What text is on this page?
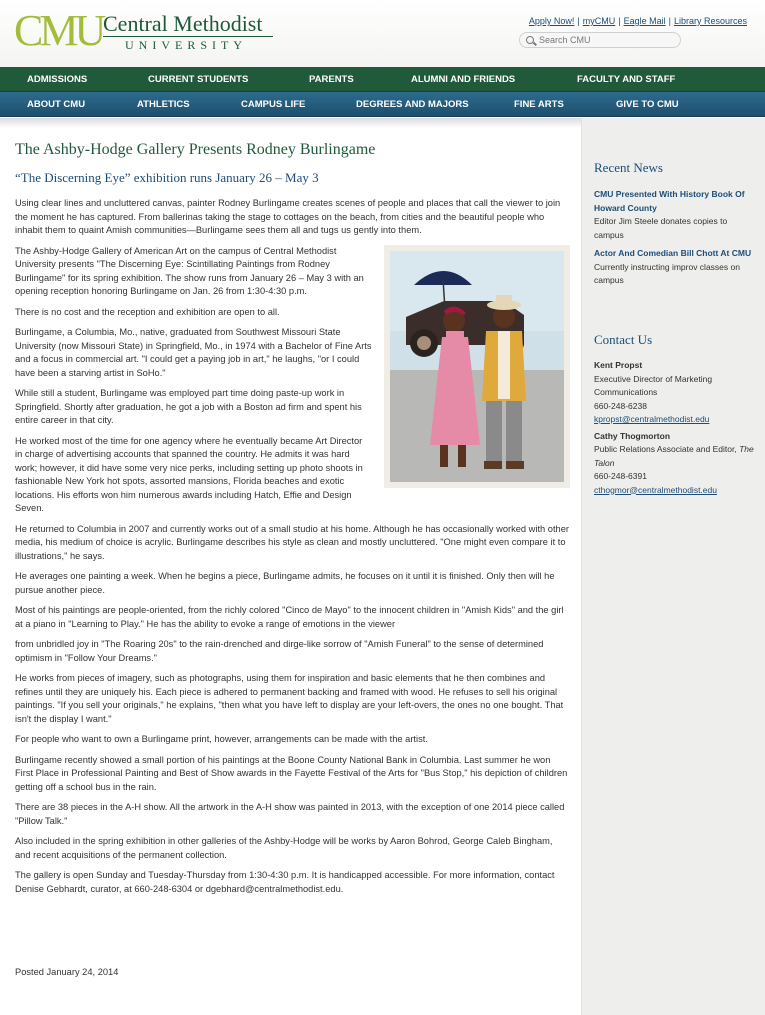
CMU Central Methodist
UNIVERSITY
Apply Now! | myCMU | Eagle Mail | Library Resources
Search CMU
ADMISSIONS	CURRENT STUDENTS	PARENTS	ALUMNI AND FRIENDS	FACULTY AND STAFF
ABOUT CMU	ATHLETICS	CAMPUS LIFE	DEGREES AND MAJORS	FINE ARTS	GIVE TO CMU
The Ashby-Hodge Gallery Presents Rodney Burlingame
“The Discerning Eye” exhibition runs January 26 – May 3

Using clear lines and uncluttered canvas, painter Rodney Burlingame creates scenes of people and places that call the viewer to join the moment he has captured. From ballerinas taking the stage to cottages on the beach, from cities and the beautiful people who inhabit them to quaint Amish communities—Burlingame sees them all and tugs us gently into them.

The Ashby-Hodge Gallery of American Art on the campus of Central Methodist University presents "The Discerning Eye: Scintillating Paintings from Rodney Burlingame" for its spring exhibition. The show runs from January 26 – May 3 with an opening reception honoring Burlingame on Jan. 26 from 1:30-4:30 p.m.

There is no cost and the reception and exhibition are open to all.

Burlingame, a Columbia, Mo., native, graduated from Southwest Missouri State University (now Missouri State) in Springfield, Mo., in 1974 with a Bachelor of Fine Arts and a focus in commercial art. "I could get a paying job in art," he laughs, "or I could have been a starving artist in SoHo."

While still a student, Burlingame was employed part time doing paste-up work in Springfield. Shortly after graduation, he got a job with a Boston ad firm and spent his entire career in that city.

He worked most of the time for one agency where he eventually became Art Director in charge of advertising accounts that spanned the country. He admits it was hard work; however, it did have some very nice perks, including setting up photo shoots in fashionable New York hot spots, assorted mansions, Florida beaches and exotic locations. His efforts won him numerous awards including Hatch, Effie and Design Seven.

He returned to Columbia in 2007 and currently works out of a small studio at his home. Although he has occasionally worked with other media, his medium of choice is acrylic. Burlingame describes his style as clean and mostly uncluttered. "One might even compare it to illustrations," he says.

He averages one painting a week. When he begins a piece, Burlingame admits, he focuses on it until it is finished. Only then will he pursue another piece.

Most of his paintings are people-oriented, from the richly colored "Cinco de Mayo" to the innocent children in "Amish Kids" and the girl at a piano in "Learning to Play." He has the ability to evoke a range of emotions in the viewer

from unbridled joy in "The Roaring 20s" to the rain-drenched and dirge-like sorrow of "Amish Funeral" to the sense of determined optimism in "Follow Your Dreams."

He works from pieces of imagery, such as photographs, using them for inspiration and basic elements that he then combines and refines until they are uniquely his. Each piece is adhered to permanent backing and framed with wood. He refuses to sell his original paintings. "If you sell your originals," he explains, "then what you have left to display are your left-overs, the ones no one bought. That isn't the display I want."

For people who want to own a Burlingame print, however, arrangements can be made with the artist.

Burlingame recently showed a small portion of his paintings at the Boone County National Bank in Columbia. Last summer he won First Place in Professional Painting and Best of Show awards in the Fayette Festival of the Arts for "Bus Stop," his depiction of children getting off a school bus in the rain.

There are 38 pieces in the A-H show. All the artwork in the A-H show was painted in 2013, with the exception of one 2014 piece called "Pillow Talk."

Also included in the spring exhibition in other galleries of the Ashby-Hodge will be works by Aaron Bohrod, George Caleb Bingham, and recent acquisitions of the permanent collection.

The gallery is open Sunday and Tuesday-Thursday from 1:30-4:30 p.m. It is handicapped accessible. For more information, contact Denise Gebhardt, curator, at 660-248-6304 or dgebhard@centralmethodist.edu.

Posted January 24, 2014
Recent News
CMU Presented With History Book Of Howard County
Editor Jim Steele donates copies to campus
Actor And Comedian Bill Chott At CMU
Currently instructing improv classes on campus
Contact Us
Kent Propst
Executive Director of Marketing Communications
660-248-6238
kpropst@centralmethodist.edu
Cathy Thogmorton
Public Relations Associate and Editor, The Talon
660-248-6391
cthogmor@centralmethodist.edu
